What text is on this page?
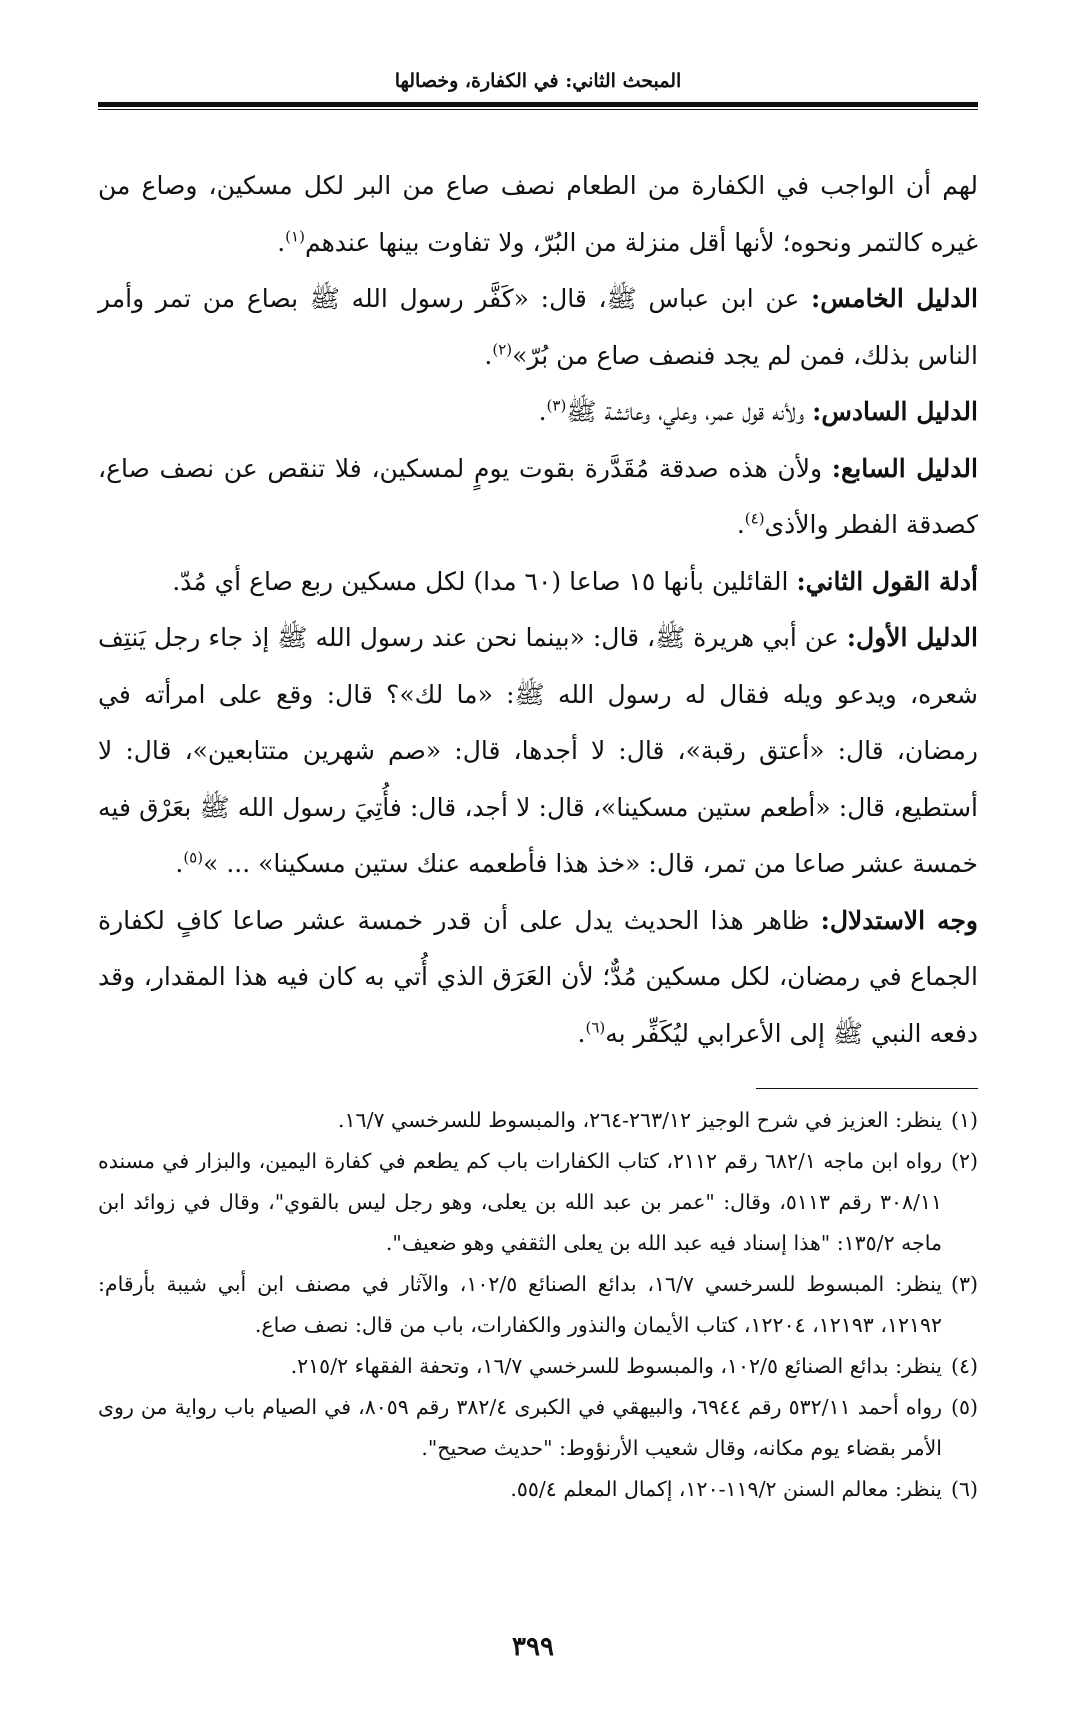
المبحث الثاني: في الكفارة، وخصالها

لهم أن الواجب في الكفارة من الطعام نصف صاع من البر لكل مسكين، وصاع من غيره كالتمر ونحوه؛ لأنها أقل منزلة من البُرّ، ولا تفاوت بينها عندهم$^{(١)}$.

الدليل الخامس: عن ابن عباس ﷺ، قال: «كَفَّر رسول الله ﷺ بصاع من تمر وأمر الناس بذلك، فمن لم يجد فنصف صاع من بُرّ»$^{(٢)}$.

الدليل السادس: ولأنه قول عمر، وعلي، وعائشة ﷺ$^{(٣)}$.

الدليل السابع: ولأن هذه صدقة مُقَدَّرة بقوت يومٍ لمسكين، فلا تنقص عن نصف صاع، كصدقة الفطر والأذى$^{(٤)}$.

أدلة القول الثاني: القائلين بأنها ١٥ صاعا (٦٠ مدا) لكل مسكين ربع صاع أي مُدّ.

الدليل الأول: عن أبي هريرة ﷺ، قال: «بينما نحن عند رسول الله ﷺ إذ جاء رجل يَنتِف شعره، ويدعو ويله فقال له رسول الله ﷺ: «ما لك»؟ قال: وقع على امرأته في رمضان، قال: «أعتق رقبة»، قال: لا أجدها، قال: «صم شهرين متتابعين»، قال: لا أستطيع، قال: «أطعم ستين مسكينا»، قال: لا أجد، قال: فأُتِيَ رسول الله ﷺ بعَرْق فيه خمسة عشر صاعا من تمر، قال: «خذ هذا فأطعمه عنك ستين مسكينا» ... »$^{(٥)}$.

وجه الاستدلال: ظاهر هذا الحديث يدل على أن قدر خمسة عشر صاعا كافٍ لكفارة الجماع في رمضان، لكل مسكين مُدٌّ؛ لأن العَرَق الذي أُتي به كان فيه هذا المقدار، وقد دفعه النبي ﷺ إلى الأعرابي ليُكَفِّر به$^{(٦)}$.

(١)ينظر: العزيز في شرح الوجيز ٢٦٣/١٢-٢٦٤، والمبسوط للسرخسي ١٦/٧.

(٢)رواه ابن ماجه ٦٨٢/١ رقم ٢١١٢، كتاب الكفارات باب كم يطعم في كفارة اليمين، والبزار في مسنده ٣٠٨/١١ رقم ٥١١٣، وقال: "عمر بن عبد الله بن يعلى، وهو رجل ليس بالقوي"، وقال في زوائد ابن ماجه ١٣٥/٢: "هذا إسناد فيه عبد الله بن يعلى الثقفي وهو ضعيف".

(٣)ينظر: المبسوط للسرخسي ١٦/٧، بدائع الصنائع ١٠٢/٥، والآثار في مصنف ابن أبي شيبة بأرقام: ١٢١٩٢، ١٢١٩٣، ١٢٢٠٤، كتاب الأيمان والنذور والكفارات، باب من قال: نصف صاع.

(٤)ينظر: بدائع الصنائع ١٠٢/٥، والمبسوط للسرخسي ١٦/٧، وتحفة الفقهاء ٢١٥/٢.

(٥)رواه أحمد ٥٣٢/١١ رقم ٦٩٤٤، والبيهقي في الكبرى ٣٨٢/٤ رقم ٨٠٥٩، في الصيام باب رواية من روى الأمر بقضاء يوم مكانه، وقال شعيب الأرنؤوط: "حديث صحيح".

(٦)ينظر: معالم السنن ١١٩/٢-١٢٠، إكمال المعلم ٥٥/٤.

٣٩٩
